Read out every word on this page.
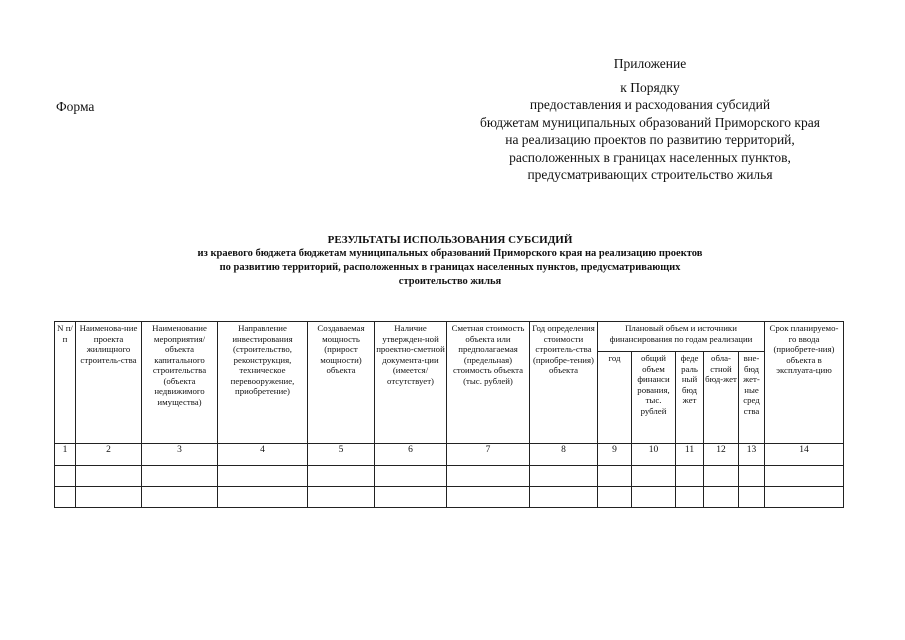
Приложение
к Порядку
предоставления и расходования субсидий
бюджетам муниципальных образований Приморского края
на реализацию проектов по развитию территорий,
расположенных в границах населенных пунктов,
предусматривающих строительство жилья
Форма
РЕЗУЛЬТАТЫ ИСПОЛЬЗОВАНИЯ СУБСИДИЙ
из краевого бюджета бюджетам муниципальных образований Приморского края на реализацию проектов
по развитию территорий, расположенных в границах населенных пунктов, предусматривающих
строительство жилья
N п/п	Наименова-ние проекта жилищного строитель-ства	Наименование мероприятия/ объекта капитального строительства (объекта недвижимого имущества)	Направление инвестирования (строительство, реконструкция, техническое перевооружение, приобретение)	Создаваемая мощность (прирост мощности) объекта	Наличие утвержден-ной проектно-сметной документа-ции (имеется/ отсутствует)	Сметная стоимость объекта или предполагаемая (предельная) стоимость объекта (тыс. рублей)	Год определения стоимости строитель-ства (приобре-тения) объекта	Плановый объем и источники финансирования по годам реализации					Срок планируемо-го ввода (приобрете-ния) объекта в эксплуата-цию
								год	общий объем финанси рования, тыс. рублей	феде раль ный бюд жет	обла-стной бюд-жет	вне-бюд жет-ные сред ства	
1	2	3	4	5	6	7	8	9	10	11	12	13	14
